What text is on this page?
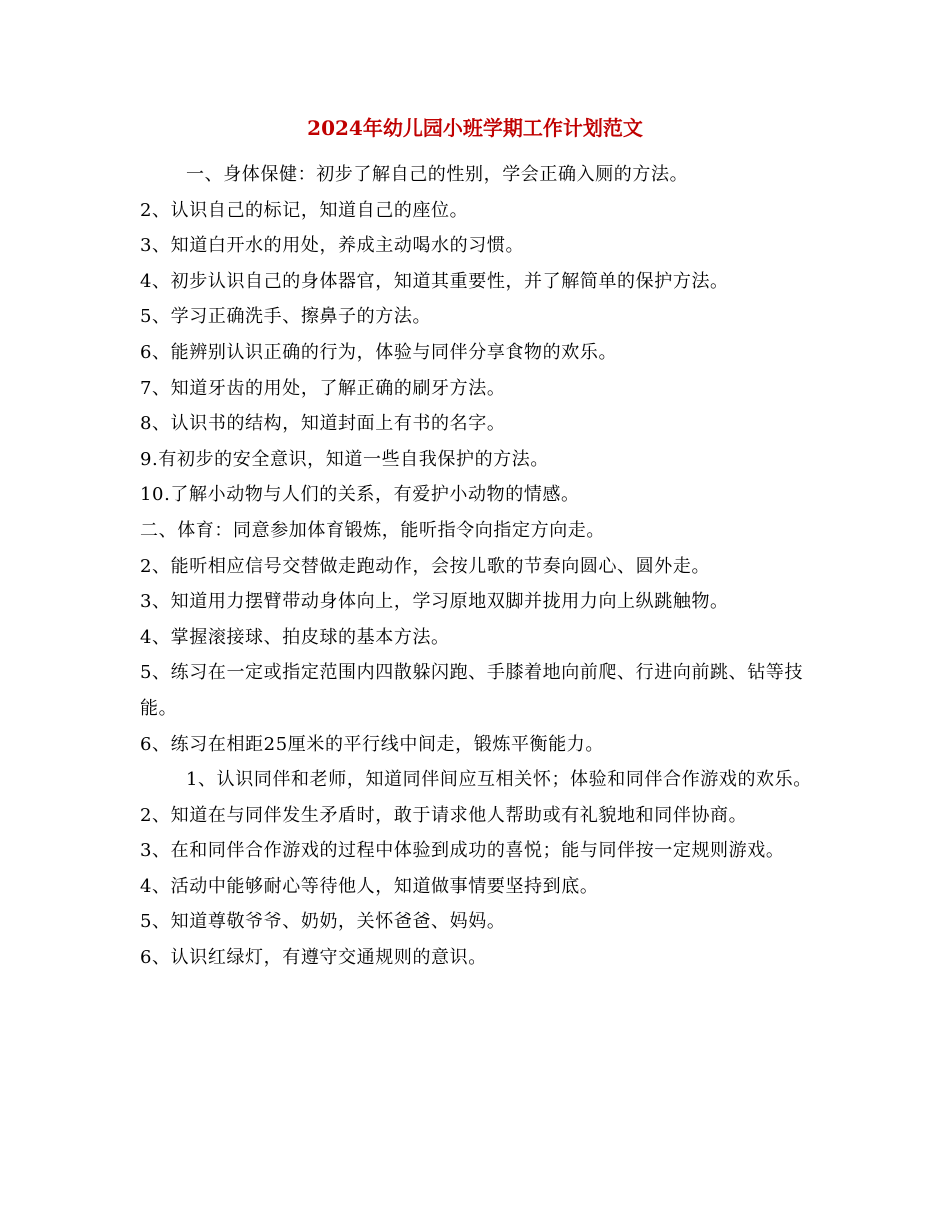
2024年幼儿园小班学期工作计划范文

一、身体保健：初步了解自己的性别，学会正确入厕的方法。

2、认识自己的标记，知道自己的座位。

3、知道白开水的用处，养成主动喝水的习惯。

4、初步认识自己的身体器官，知道其重要性，并了解简单的保护方法。

5、学习正确洗手、擦鼻子的方法。

6、能辨别认识正确的行为，体验与同伴分享食物的欢乐。

7、知道牙齿的用处，了解正确的刷牙方法。

8、认识书的结构，知道封面上有书的名字。

9.有初步的安全意识，知道一些自我保护的方法。

10.了解小动物与人们的关系，有爱护小动物的情感。

二、体育：同意参加体育锻炼，能听指令向指定方向走。

2、能听相应信号交替做走跑动作，会按儿歌的节奏向圆心、圆外走。

3、知道用力摆臂带动身体向上，学习原地双脚并拢用力向上纵跳触物。

4、掌握滚接球、拍皮球的基本方法。

5、练习在一定或指定范围内四散躲闪跑、手膝着地向前爬、行进向前跳、钻等技能。

6、练习在相距25厘米的平行线中间走，锻炼平衡能力。

1、认识同伴和老师，知道同伴间应互相关怀；体验和同伴合作游戏的欢乐。

2、知道在与同伴发生矛盾时，敢于请求他人帮助或有礼貌地和同伴协商。

3、在和同伴合作游戏的过程中体验到成功的喜悦；能与同伴按一定规则游戏。

4、活动中能够耐心等待他人，知道做事情要坚持到底。

5、知道尊敬爷爷、奶奶，关怀爸爸、妈妈。

6、认识红绿灯，有遵守交通规则的意识。
